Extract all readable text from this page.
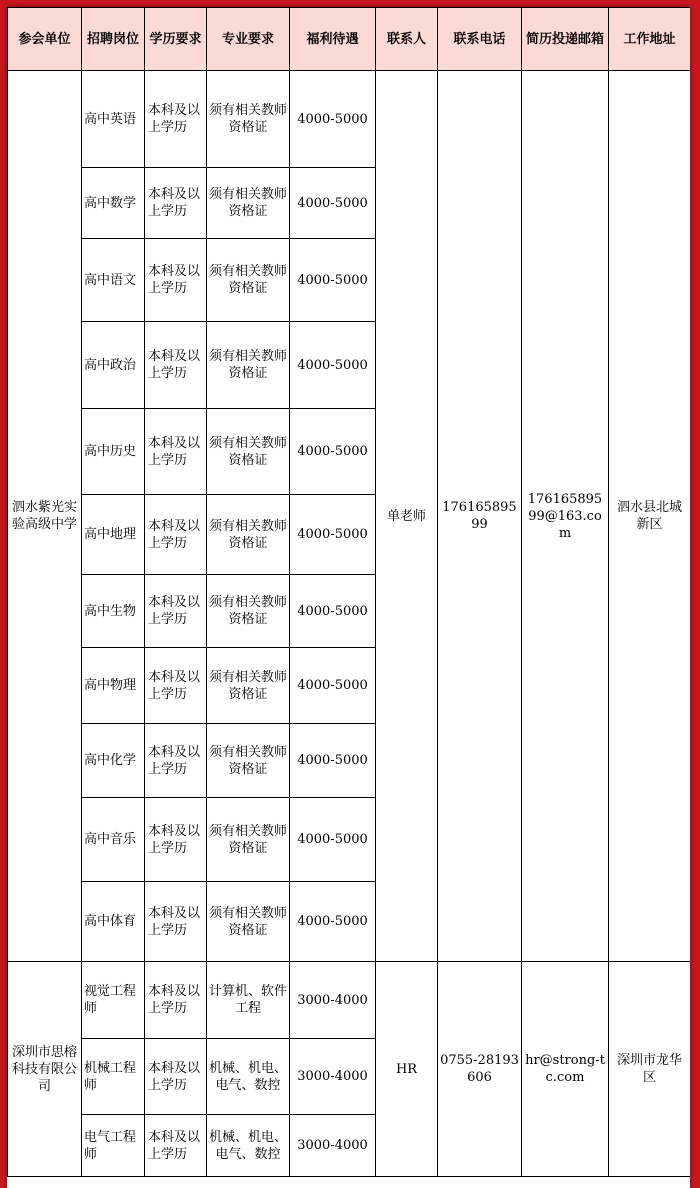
参会单位	招聘岗位	学历要求	专业要求	福利待遇	联系人	联系电话	简历投递邮箱	工作地址
泗水紫光实验高级中学	高中英语	本科及以上学历	须有相关教师资格证	4000-5000	单老师	17616589599	17616589599@163.com	泗水县北城新区
	高中数学	本科及以上学历	须有相关教师资格证	4000-5000				
	高中语文	本科及以上学历	须有相关教师资格证	4000-5000				
	高中政治	本科及以上学历	须有相关教师资格证	4000-5000				
	高中历史	本科及以上学历	须有相关教师资格证	4000-5000				
	高中地理	本科及以上学历	须有相关教师资格证	4000-5000				
	高中生物	本科及以上学历	须有相关教师资格证	4000-5000				
	高中物理	本科及以上学历	须有相关教师资格证	4000-5000				
	高中化学	本科及以上学历	须有相关教师资格证	4000-5000				
	高中音乐	本科及以上学历	须有相关教师资格证	4000-5000				
	高中体育	本科及以上学历	须有相关教师资格证	4000-5000				
深圳市思榕科技有限公司	视觉工程师	本科及以上学历	计算机、软件工程	3000-4000	HR	0755-28193606	hr@strong-tc.com	深圳市龙华区
	机械工程师	本科及以上学历	机械、机电、电气、数控	3000-4000				
	电气工程师	本科及以上学历	机械、机电、电气、数控	3000-4000				
